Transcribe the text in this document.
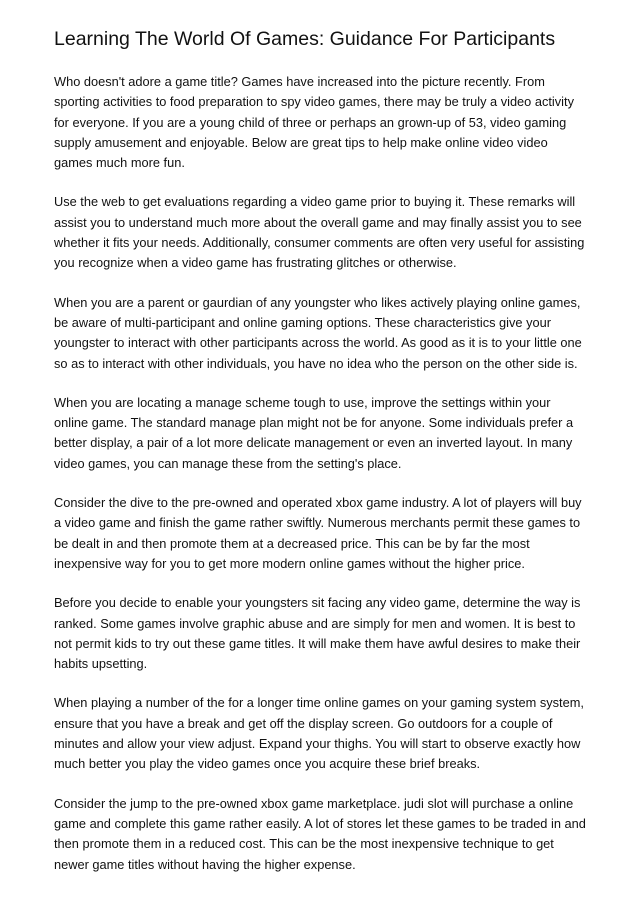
Learning The World Of Games: Guidance For Participants

Who doesn't adore a game title? Games have increased into the picture recently. From sporting activities to food preparation to spy video games, there may be truly a video activity for everyone. If you are a young child of three or perhaps an grown-up of 53, video gaming supply amusement and enjoyable. Below are great tips to help make online video video games much more fun.

Use the web to get evaluations regarding a video game prior to buying it. These remarks will assist you to understand much more about the overall game and may finally assist you to see whether it fits your needs. Additionally, consumer comments are often very useful for assisting you recognize when a video game has frustrating glitches or otherwise.

When you are a parent or gaurdian of any youngster who likes actively playing online games, be aware of multi-participant and online gaming options. These characteristics give your youngster to interact with other participants across the world. As good as it is to your little one so as to interact with other individuals, you have no idea who the person on the other side is.

When you are locating a manage scheme tough to use, improve the settings within your online game. The standard manage plan might not be for anyone. Some individuals prefer a better display, a pair of a lot more delicate management or even an inverted layout. In many video games, you can manage these from the setting's place.

Consider the dive to the pre-owned and operated xbox game industry. A lot of players will buy a video game and finish the game rather swiftly. Numerous merchants permit these games to be dealt in and then promote them at a decreased price. This can be by far the most inexpensive way for you to get more modern online games without the higher price.

Before you decide to enable your youngsters sit facing any video game, determine the way is ranked. Some games involve graphic abuse and are simply for men and women. It is best to not permit kids to try out these game titles. It will make them have awful desires to make their habits upsetting.

When playing a number of the for a longer time online games on your gaming system system, ensure that you have a break and get off the display screen. Go outdoors for a couple of minutes and allow your view adjust. Expand your thighs. You will start to observe exactly how much better you play the video games once you acquire these brief breaks.

Consider the jump to the pre-owned xbox game marketplace. judi slot will purchase a online game and complete this game rather easily. A lot of stores let these games to be traded in and then promote them in a reduced cost. This can be the most inexpensive technique to get newer game titles without having the higher expense.
